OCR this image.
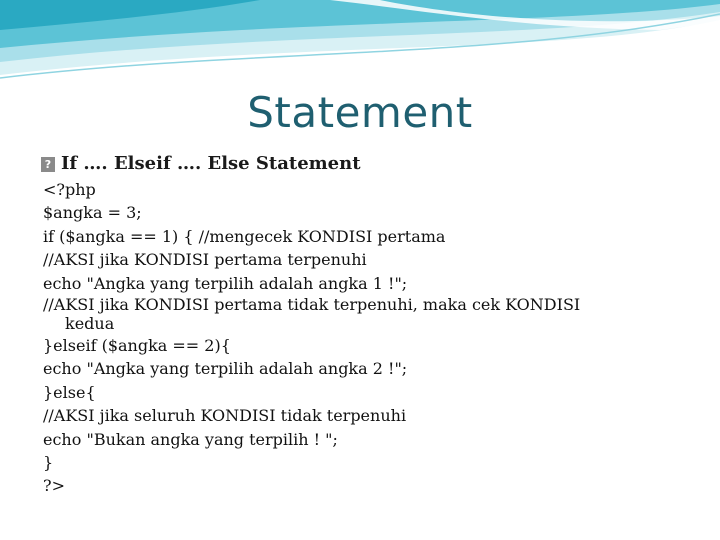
Statement
? If …. Elseif …. Else Statement
<?php
$angka = 3;
if ($angka == 1) { //mengecek KONDISI pertama
//AKSI jika KONDISI pertama terpenuhi
echo "Angka yang terpilih adalah angka 1 !";
//AKSI jika KONDISI pertama tidak terpenuhi, maka cek KONDISI
kedua
}elseif ($angka == 2){
echo "Angka yang terpilih adalah angka 2 !";
}else{
//AKSI jika seluruh KONDISI tidak terpenuhi
echo "Bukan angka yang terpilih ! ";
}
?>
